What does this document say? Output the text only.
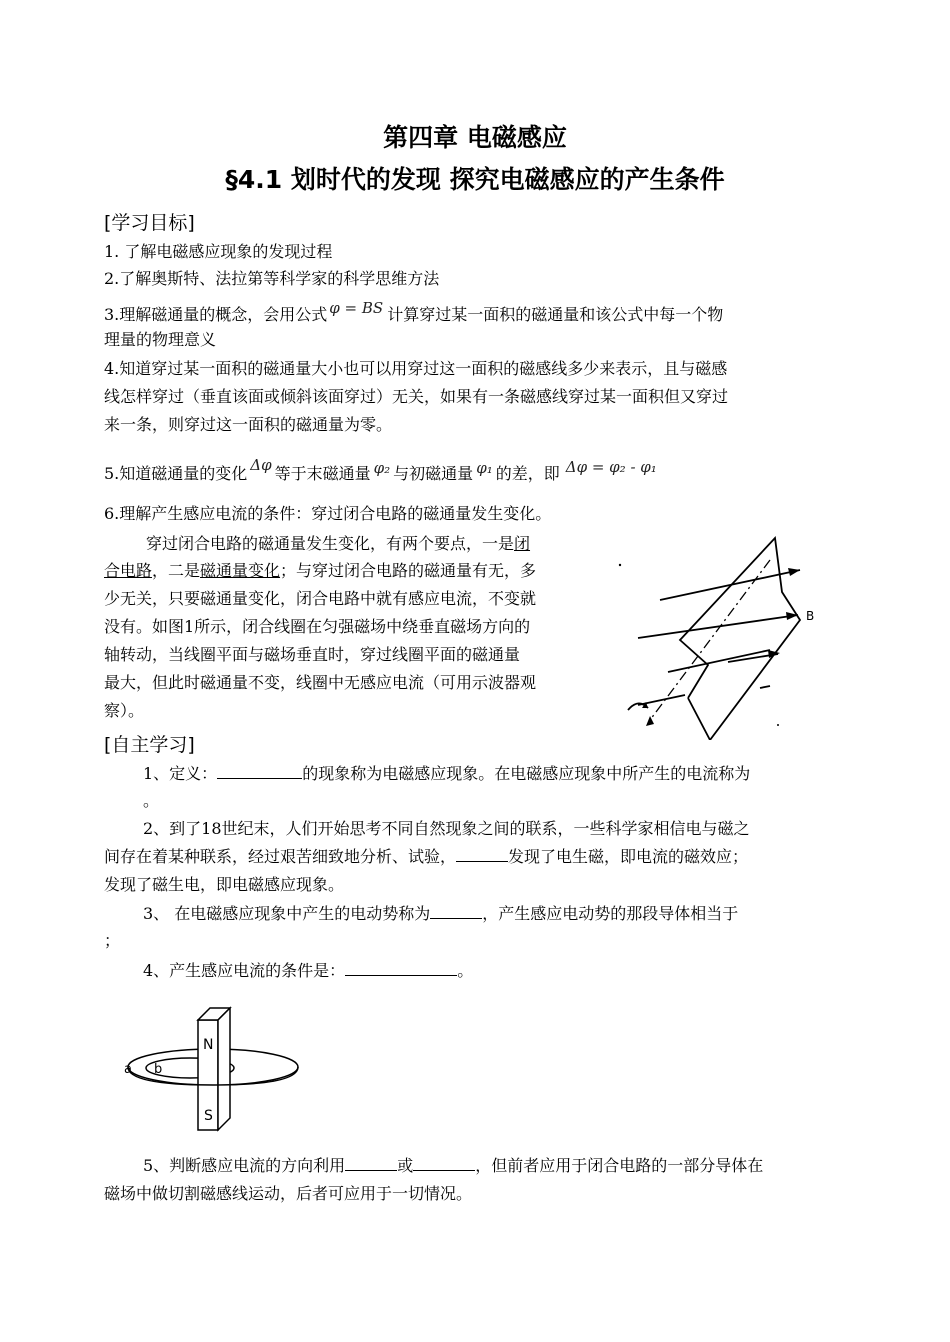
第四章 电磁感应
§4.1 划时代的发现 探究电磁感应的产生条件
[学习目标]
1. 了解电磁感应现象的发现过程
2.了解奥斯特、法拉第等科学家的科学思维方法
3.理解磁通量的概念，会用公式 φ = BS 计算穿过某一面积的磁通量和该公式中每一个物
理量的物理意义
4.知道穿过某一面积的磁通量大小也可以用穿过这一面积的磁感线多少来表示，且与磁感
线怎样穿过（垂直该面或倾斜该面穿过）无关，如果有一条磁感线穿过某一面积但又穿过
来一条，则穿过这一面积的磁通量为零。
5.知道磁通量的变化 Δφ 等于末磁通量 φ₂ 与初磁通量 φ₁ 的差，即 Δφ = φ₂ - φ₁
6.理解产生感应电流的条件：穿过闭合电路的磁通量发生变化。
穿过闭合电路的磁通量发生变化，有两个要点，一是闭
合电路，二是磁通量变化；与穿过闭合电路的磁通量有无，多
少无关，只要磁通量变化，闭合电路中就有感应电流，不变就
没有。如图1所示，闭合线圈在匀强磁场中绕垂直磁场方向的
轴转动，当线圈平面与磁场垂直时，穿过线圈平面的磁通量
最大，但此时磁通量不变，线圈中无感应电流（可用示波器观
察）。
B
[自主学习]
1、定义：	的现象称为电磁感应现象。在电磁感应现象中所产生的电流称为
。
2、到了18世纪末，人们开始思考不同自然现象之间的联系，一些科学家相信电与磁之
间存在着某种联系，经过艰苦细致地分析、试验，	发现了电生磁，即电流的磁效应；
发现了磁生电，即电磁感应现象。
3、 在电磁感应现象中产生的电动势称为	，产生感应电动势的那段导体相当于
；
4、产生感应电流的条件是：	。
N
S
a b
5、判断感应电流的方向利用	或	，但前者应用于闭合电路的一部分导体在
磁场中做切割磁感线运动，后者可应用于一切情况。
